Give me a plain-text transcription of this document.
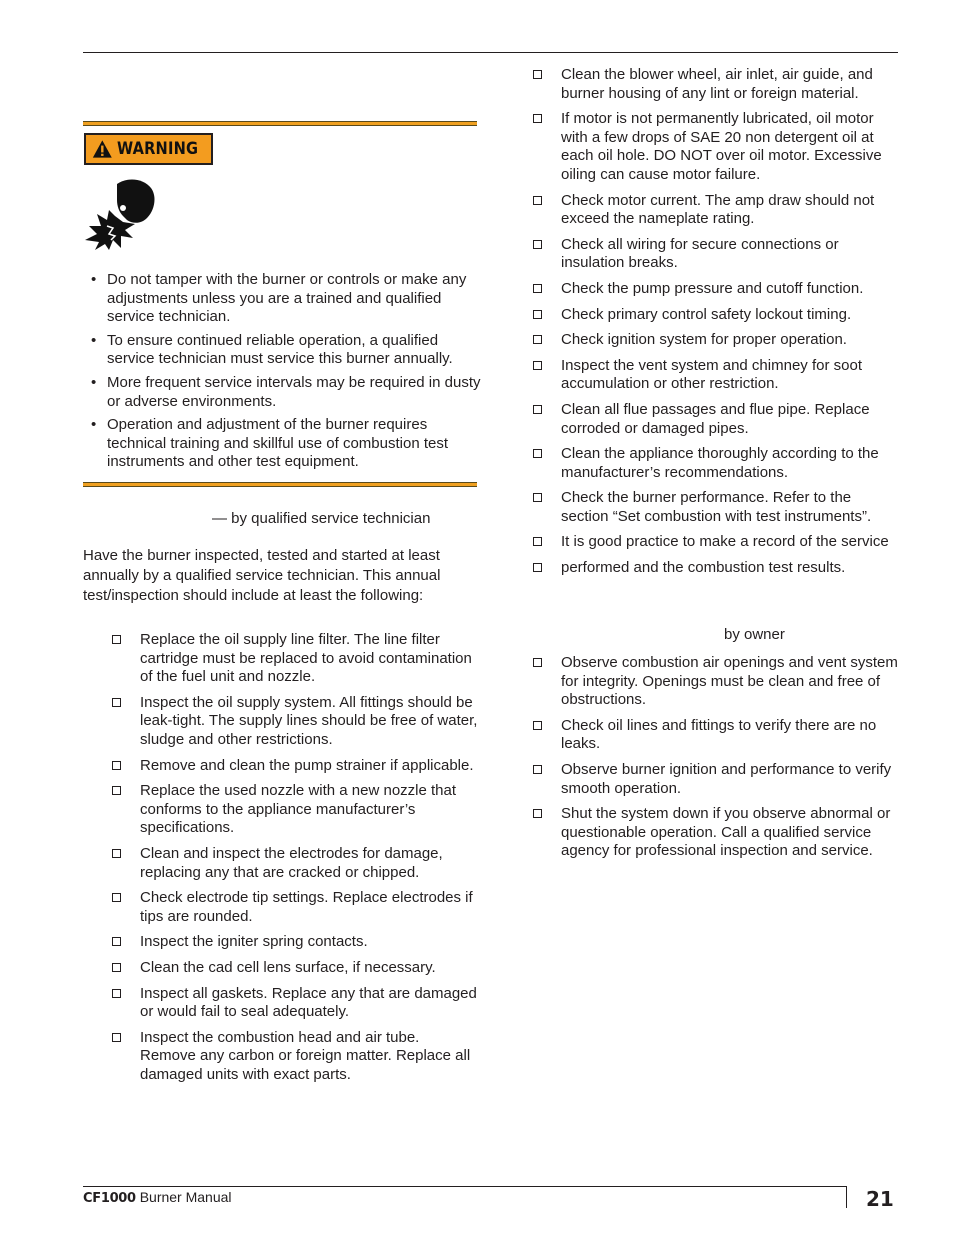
WARNING
• Do not tamper with the burner or controls or make any adjustments unless you are a trained and qualified service technician.
• To ensure continued reliable operation, a qualified service technician must service this burner annually.
• More frequent service intervals may be required in dusty or adverse environments.
• Operation and adjustment of the burner requires technical training and skillful use of combustion test instruments and other test equipment.
— by qualified service technician

Have the burner inspected, tested and started at least annually by a qualified service technician. This annual test/inspection should include at least the following:

Replace the oil supply line filter. The line filter cartridge must be replaced to avoid contamination of the fuel unit and nozzle.
Inspect the oil supply system. All fittings should be leak-tight. The supply lines should be free of water, sludge and other restrictions.
Remove and clean the pump strainer if applicable.
Replace the used nozzle with a new nozzle that conforms to the appliance manufacturer’s specifications.
Clean and inspect the electrodes for damage, replacing any that are cracked or chipped.
Check electrode tip settings. Replace electrodes if tips are rounded.
Inspect the igniter spring contacts.
Clean the cad cell lens surface, if necessary.
Inspect all gaskets. Replace any that are damaged or would fail to seal adequately.
Inspect the combustion head and air tube. Remove any carbon or foreign matter. Replace all damaged units with exact parts.
Clean the blower wheel, air inlet, air guide, and burner housing of any lint or foreign material.
If motor is not permanently lubricated, oil motor with a few drops of SAE 20 non detergent oil at each oil hole. DO NOT over oil motor. Excessive oiling can cause motor failure.
Check motor current. The amp draw should not exceed the nameplate rating.
Check all wiring for secure connections or insulation breaks.
Check the pump pressure and cutoff function.
Check primary control safety lockout timing.
Check ignition system for proper operation.
Inspect the vent system and chimney for soot accumulation or other restriction.
Clean all flue passages and flue pipe. Replace corroded or damaged pipes.
Clean the appliance thoroughly according to the manufacturer’s recommendations.
Check the burner performance. Refer to the section “Set combustion with test instruments”.
It is good practice to make a record of the service
performed and the combustion test results.
by owner
Observe combustion air openings and vent system for integrity. Openings must be clean and free of obstructions.
Check oil lines and fittings to verify there are no leaks.
Observe burner ignition and performance to verify smooth operation.
Shut the system down if you observe abnormal or questionable operation. Call a qualified service agency for professional inspection and service.
CF1000 Burner Manual	21
